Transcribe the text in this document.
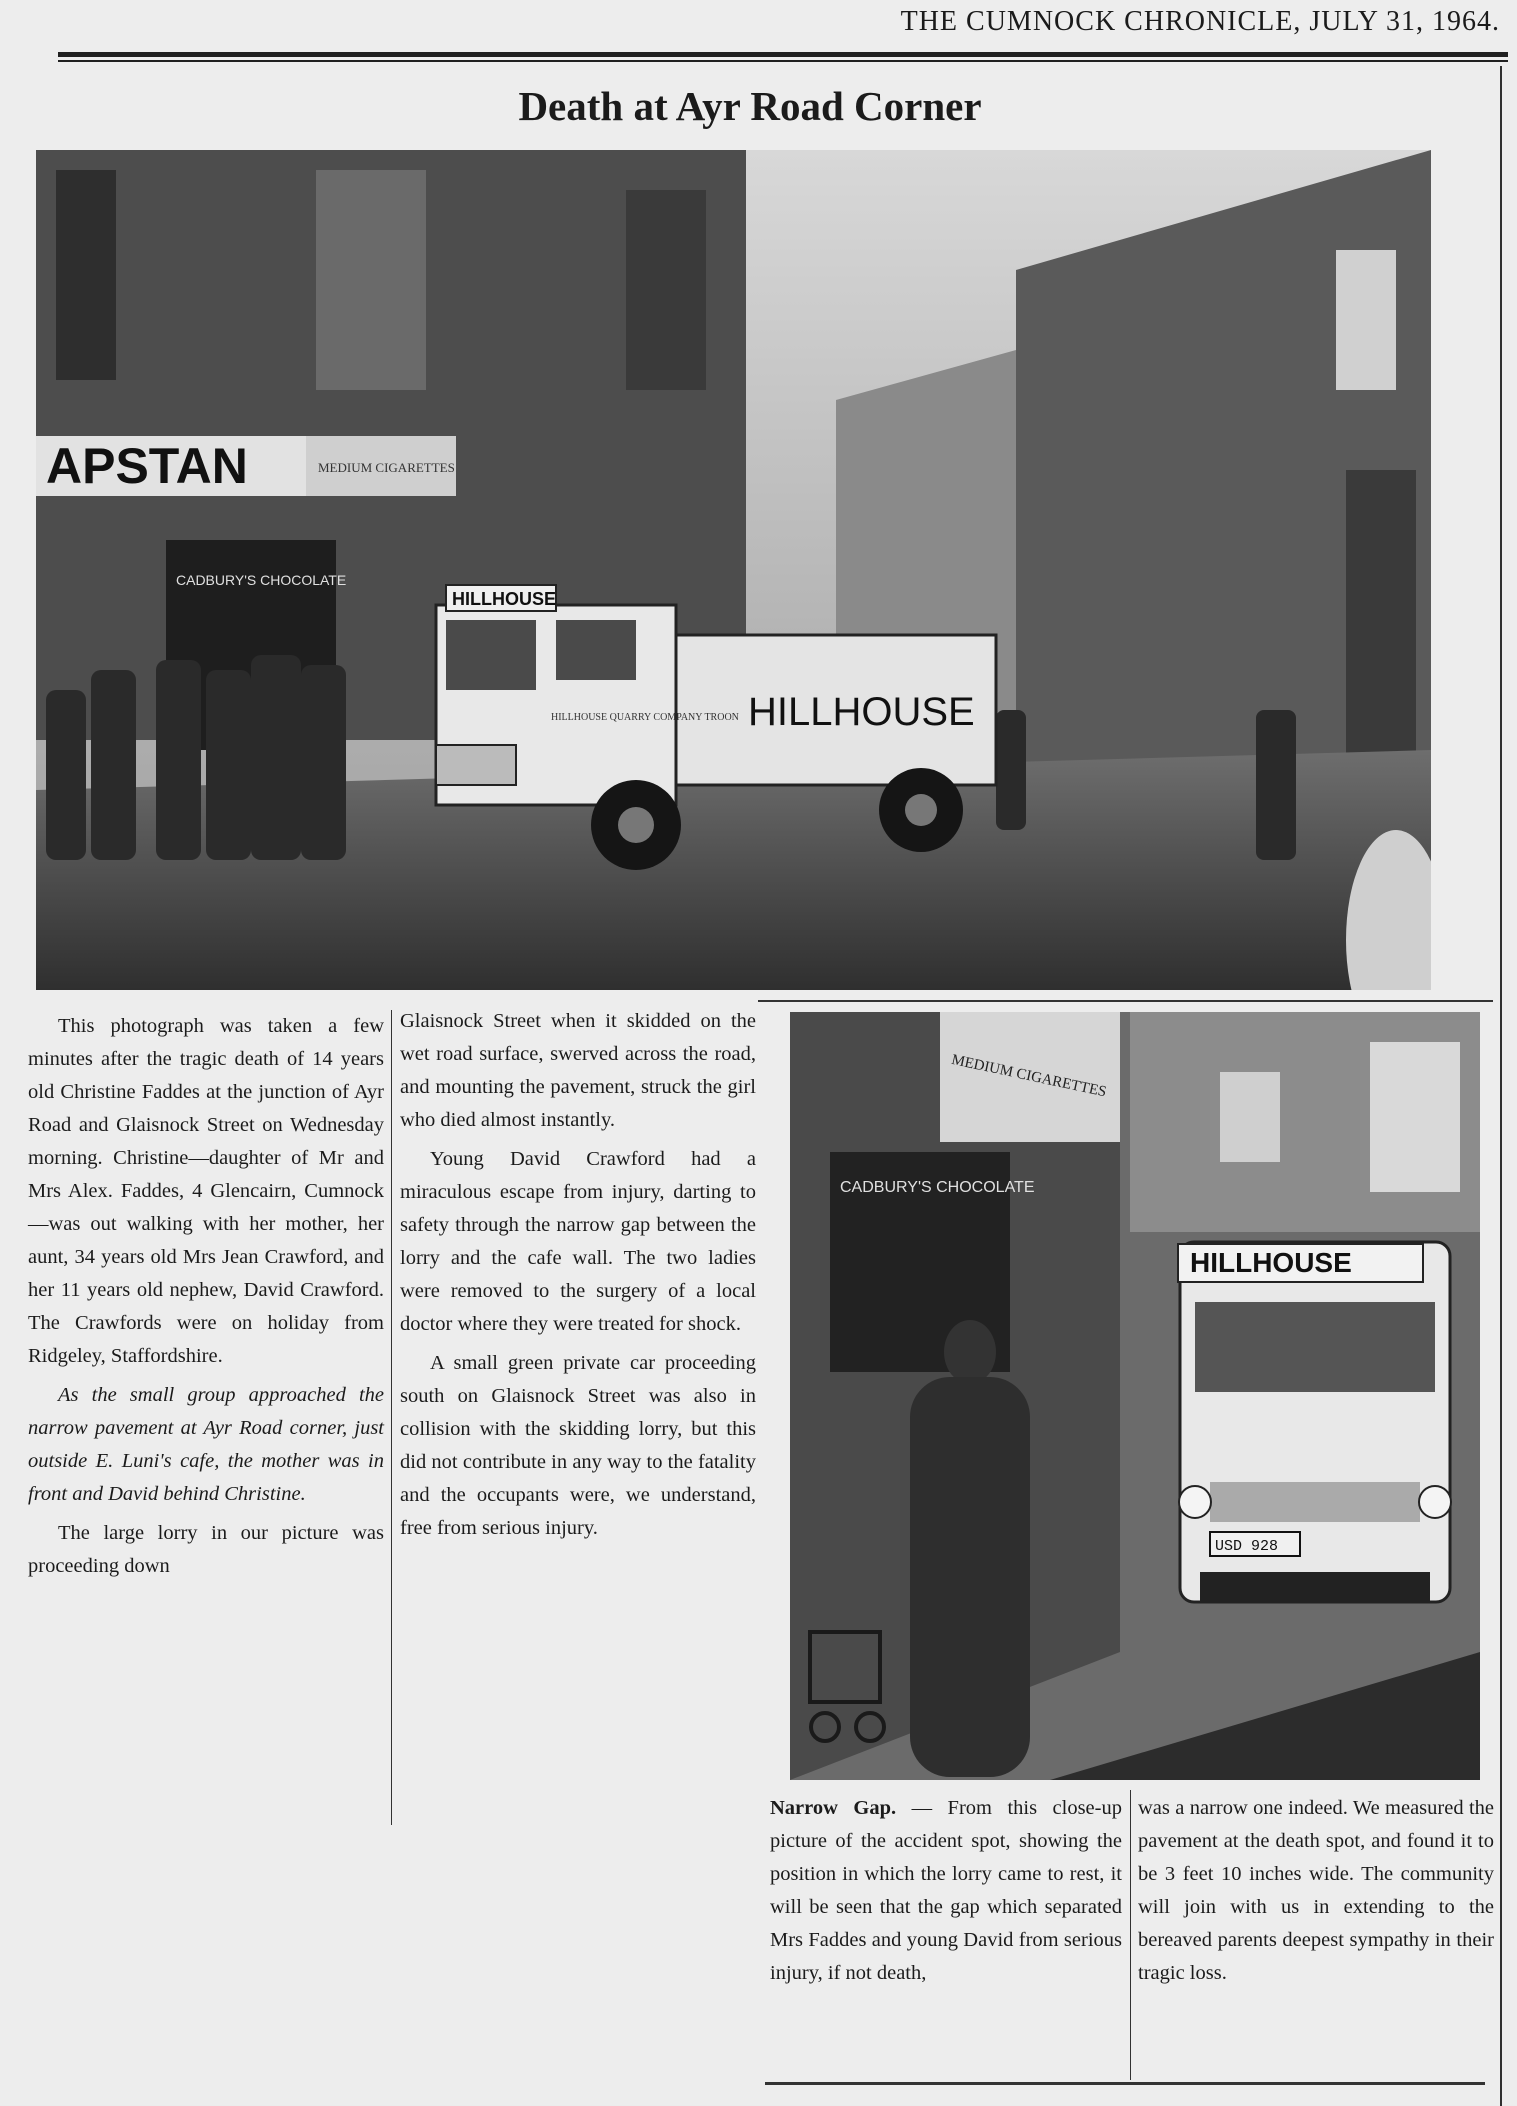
THE CUMNOCK CHRONICLE, JULY 31, 1964.
Death at Ayr Road Corner
APSTAN	MEDIUM CIGARETTES
CADBURY'S CHOCOLATE
HILLHOUSE
HILLHOUSE
HILLHOUSE QUARRY COMPANY TROON
MEDIUM CIGARETTES
CADBURY'S CHOCOLATE
HILLHOUSE
USD 928

This photograph was taken a few minutes after the tragic death of 14 years old Christine Faddes at the junction of Ayr Road and Glaisnock Street on Wednesday morning. Christine—daughter of Mr and Mrs Alex. Faddes, 4 Glencairn, Cumnock—was out walking with her mother, her aunt, 34 years old Mrs Jean Crawford, and her 11 years old nephew, David Crawford. The Crawfords were on holiday from Ridgeley, Staffordshire.

As the small group approached the narrow pavement at Ayr Road corner, just outside E. Luni's cafe, the mother was in front and David behind Christine.

The large lorry in our picture was proceeding down

Glaisnock Street when it skidded on the wet road surface, swerved across the road, and mounting the pavement, struck the girl who died almost instantly.

Young David Crawford had a miraculous escape from injury, darting to safety through the narrow gap between the lorry and the cafe wall. The two ladies were removed to the surgery of a local doctor where they were treated for shock.

A small green private car proceeding south on Glaisnock Street was also in collision with the skidding lorry, but this did not contribute in any way to the fatality and the occupants were, we understand, free from serious injury.

Narrow Gap. — From this close-up picture of the accident spot, showing the position in which the lorry came to rest, it will be seen that the gap which separated Mrs Faddes and young David from serious injury, if not death,

was a narrow one indeed. We measured the pavement at the death spot, and found it to be 3 feet 10 inches wide. The community will join with us in extending to the bereaved parents deepest sympathy in their tragic loss.
